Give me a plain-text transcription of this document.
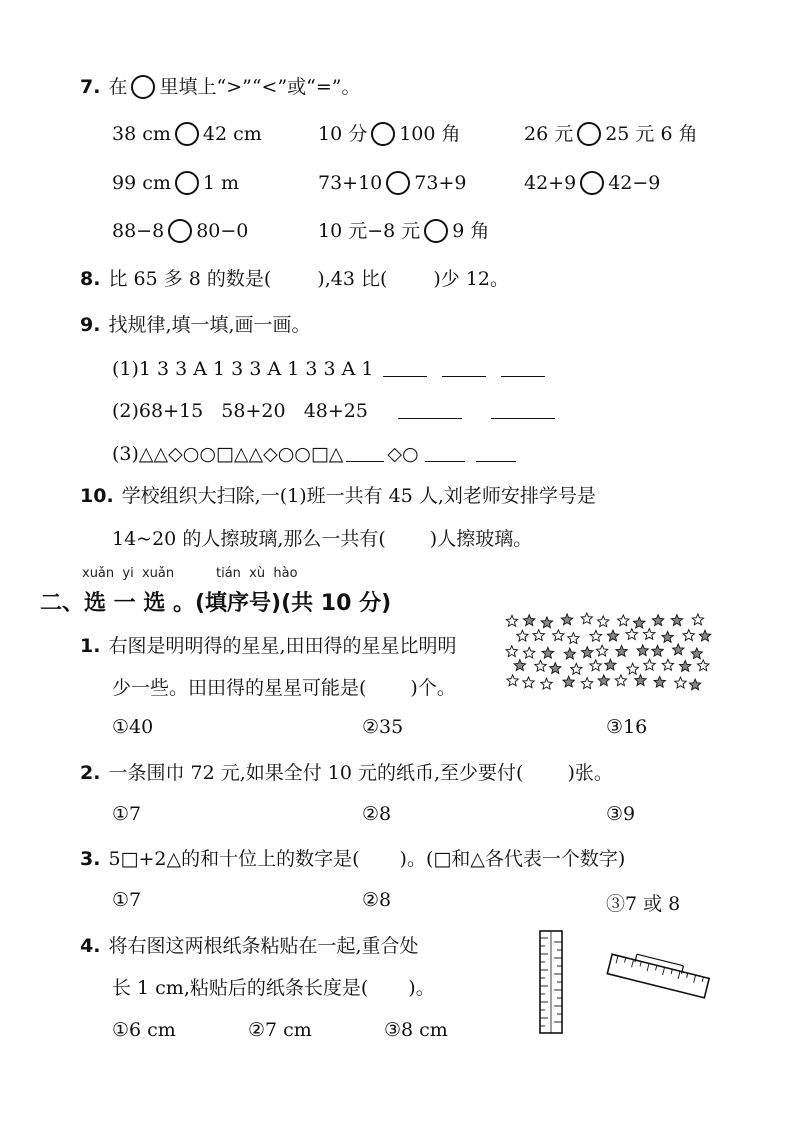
7. 在 里填上“>”“<”或“=”。
38 cm 42 cm	10 分 100 角	26 元 25 元 6 角
99 cm 1 m	73+10 73+9	42+9 42−9
88−8 80−0	10 元−8 元 9 角
8. 比 65 多 8 的数是( ),43 比( )少 12。
9. 找规律,填一填,画一画。
(1)1 3 3 A 1 3 3 A 1 3 3 A 1
(2)68+15   58+20   48+25
(3)△△◇○○□△△◇○○□△ ◇○
10. 学校组织大扫除,一(1)班一共有 45 人,刘老师安排学号是
14~20 的人擦玻璃,那么一共有( )人擦玻璃。
xuǎn  yi  xuǎn	tián  xù  hào
二、选 一 选 。(填序号)(共 10 分)
1. 右图是明明得的星星,田田得的星星比明明
少一些。田田得的星星可能是( )个。
①40	②35	③16
2. 一条围巾 72 元,如果全付 10 元的纸币,至少要付( )张。
①7	②8	③9
3. 5□+2△的和十位上的数字是( )。(□和△各代表一个数字)
①7	②8	③7 或 8
4. 将右图这两根纸条粘贴在一起,重合处
长 1 cm,粘贴后的纸条长度是( )。
①6 cm	②7 cm	③8 cm
